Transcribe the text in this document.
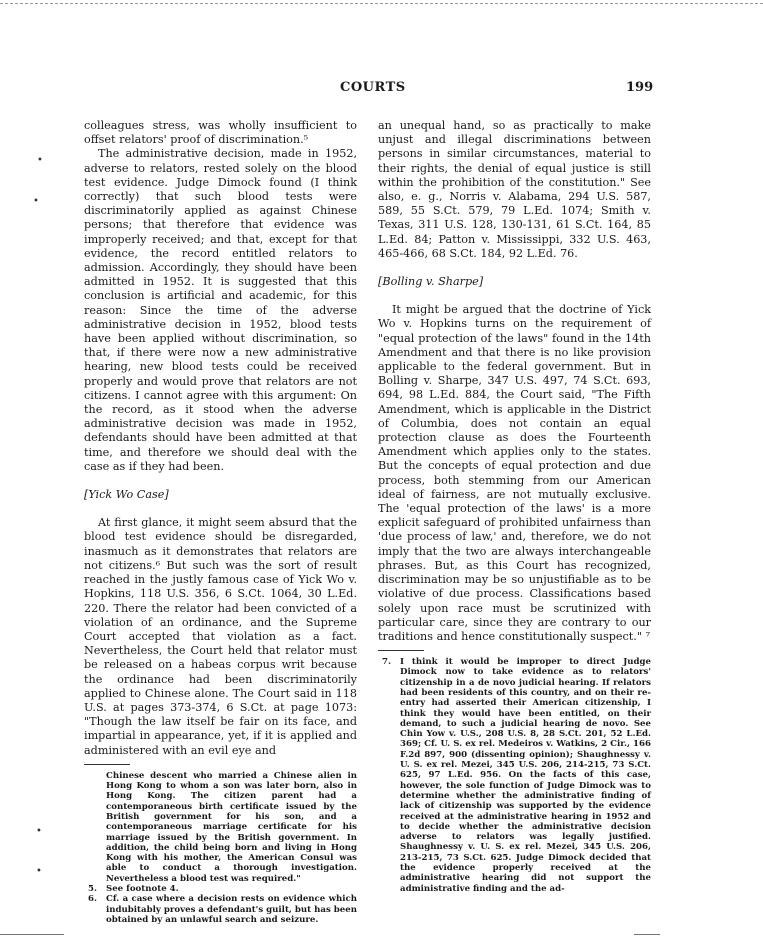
COURTS	199
•
•
•
•

colleagues stress, was wholly insufficient to offset relators' proof of discrimination.⁵

The administrative decision, made in 1952, adverse to relators, rested solely on the blood test evidence. Judge Dimock found (I think correctly) that such blood tests were discriminatorily applied as against Chinese persons; that therefore that evidence was improperly received; and that, except for that evidence, the record entitled relators to admission. Accordingly, they should have been admitted in 1952. It is suggested that this conclusion is artificial and academic, for this reason: Since the time of the adverse administrative decision in 1952, blood tests have been applied without discrimination, so that, if there were now a new administrative hearing, new blood tests could be received properly and would prove that relators are not citizens. I cannot agree with this argument: On the record, as it stood when the adverse administrative decision was made in 1952, defendants should have been admitted at that time, and therefore we should deal with the case as if they had been.

[Yick Wo Case]

At first glance, it might seem absurd that the blood test evidence should be disregarded, inasmuch as it demonstrates that relators are not citizens.⁶ But such was the sort of result reached in the justly famous case of Yick Wo v. Hopkins, 118 U.S. 356, 6 S.Ct. 1064, 30 L.Ed. 220. There the relator had been convicted of a violation of an ordinance, and the Supreme Court accepted that violation as a fact. Nevertheless, the Court held that relator must be released on a habeas corpus writ because the ordinance had been discriminatorily applied to Chinese alone. The Court said in 118 U.S. at pages 373-374, 6 S.Ct. at page 1073: "Though the law itself be fair on its face, and impartial in appearance, yet, if it is applied and administered with an evil eye and

Chinese descent who married a Chinese alien in Hong Kong to whom a son was later born, also in Hong Kong. The citizen parent had a contemporaneous birth certificate issued by the British government for his son, and a contemporaneous marriage certificate for his marriage issued by the British government. In addition, the child being born and living in Hong Kong with his mother, the American Consul was able to conduct a thorough investigation. Nevertheless a blood test was required."

5. See footnote 4.

6. Cf. a case where a decision rests on evidence which indubitably proves a defendant's guilt, but has been obtained by an unlawful search and seizure.

an unequal hand, so as practically to make unjust and illegal discriminations between persons in similar circumstances, material to their rights, the denial of equal justice is still within the prohibition of the constitution." See also, e. g., Norris v. Alabama, 294 U.S. 587, 589, 55 S.Ct. 579, 79 L.Ed. 1074; Smith v. Texas, 311 U.S. 128, 130-131, 61 S.Ct. 164, 85 L.Ed. 84; Patton v. Mississippi, 332 U.S. 463, 465-466, 68 S.Ct. 184, 92 L.Ed. 76.

[Bolling v. Sharpe]

It might be argued that the doctrine of Yick Wo v. Hopkins turns on the requirement of "equal protection of the laws" found in the 14th Amendment and that there is no like provision applicable to the federal government. But in Bolling v. Sharpe, 347 U.S. 497, 74 S.Ct. 693, 694, 98 L.Ed. 884, the Court said, "The Fifth Amendment, which is applicable in the District of Columbia, does not contain an equal protection clause as does the Fourteenth Amendment which applies only to the states. But the concepts of equal protection and due process, both stemming from our American ideal of fairness, are not mutually exclusive. The 'equal protection of the laws' is a more explicit safeguard of prohibited unfairness than 'due process of law,' and, therefore, we do not imply that the two are always interchangeable phrases. But, as this Court has recognized, discrimination may be so unjustifiable as to be violative of due process. Classifications based solely upon race must be scrutinized with particular care, since they are contrary to our traditions and hence constitutionally suspect." ⁷

7. I think it would be improper to direct Judge Dimock now to take evidence as to relators' citizenship in a de novo judicial hearing. If relators had been residents of this country, and on their re-entry had asserted their American citizenship, I think they would have been entitled, on their demand, to such a judicial hearing de novo. See Chin Yow v. U.S., 208 U.S. 8, 28 S.Ct. 201, 52 L.Ed. 369; Cf. U. S. ex rel. Medeiros v. Watkins, 2 Cir., 166 F.2d 897, 900 (dissenting opinion); Shaughnessy v. U. S. ex rel. Mezei, 345 U.S. 206, 214-215, 73 S.Ct. 625, 97 L.Ed. 956. On the facts of this case, however, the sole function of Judge Dimock was to determine whether the administrative finding of lack of citizenship was supported by the evidence received at the administrative hearing in 1952 and to decide whether the administrative decision adverse to relators was legally justified. Shaughnessy v. U. S. ex rel. Mezei, 345 U.S. 206, 213-215, 73 S.Ct. 625. Judge Dimock decided that the evidence properly received at the administrative hearing did not support the administrative finding and the ad-
